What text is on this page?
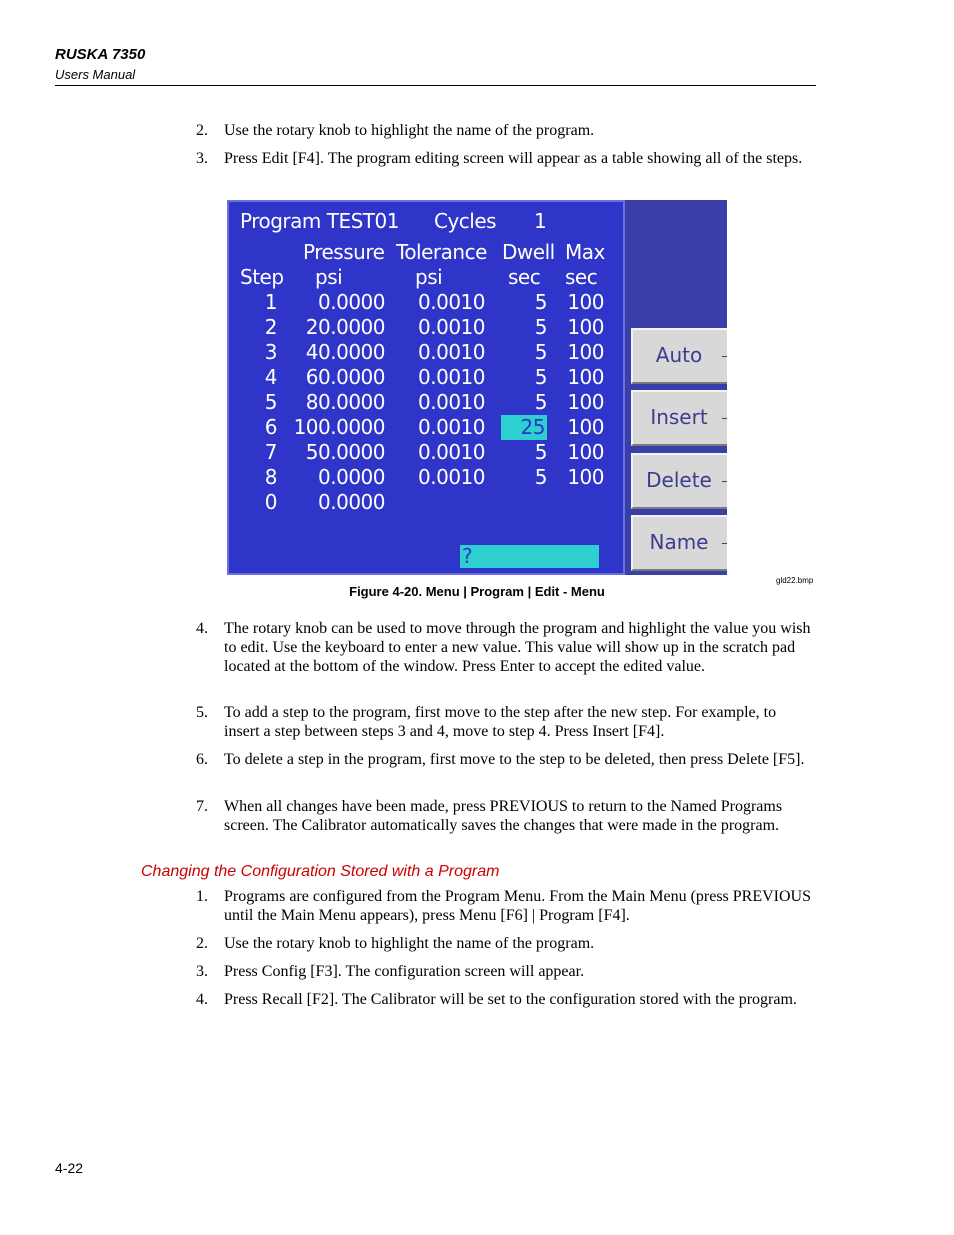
RUSKA 7350
Users Manual
2.	Use the rotary knob to highlight the name of the program.
3.	Press Edit [F4]. The program editing screen will appear as a table showing all of the steps.
Program TEST01 Cycles 1
Pressure Tolerance Dwell Max
Step psi	psi	sec sec
1 0.0000 0.0010 5 100
2 20.0000 0.0010 5 100
3 40.0000 0.0010 5 100
4 60.0000 0.0010 5 100
5 80.0000 0.0010 5 100
6 100.0000 0.0010	25 100
7 50.0000 0.0010 5 100
8 0.0000 0.0010 5 100
0 0.0000
?
Auto
Insert
Delete
Name
gld22.bmp
Figure 4-20. Menu | Program | Edit - Menu
4.	The rotary knob can be used to move through the program and highlight the value you wish to edit. Use the keyboard to enter a new value. This value will show up in the scratch pad located at the bottom of the window. Press Enter to accept the edited value.
5.	To add a step to the program, first move to the step after the new step. For example, to insert a step between steps 3 and 4, move to step 4. Press Insert [F4].
6.	To delete a step in the program, first move to the step to be deleted, then press Delete [F5].
7.	When all changes have been made, press PREVIOUS to return to the Named Programs screen. The Calibrator automatically saves the changes that were made in the program.
Changing the Configuration Stored with a Program
1.	Programs are configured from the Program Menu. From the Main Menu (press PREVIOUS until the Main Menu appears), press Menu [F6] | Program [F4].
2.	Use the rotary knob to highlight the name of the program.
3.	Press Config [F3]. The configuration screen will appear.
4.	Press Recall [F2]. The Calibrator will be set to the configuration stored with the program.
4-22
